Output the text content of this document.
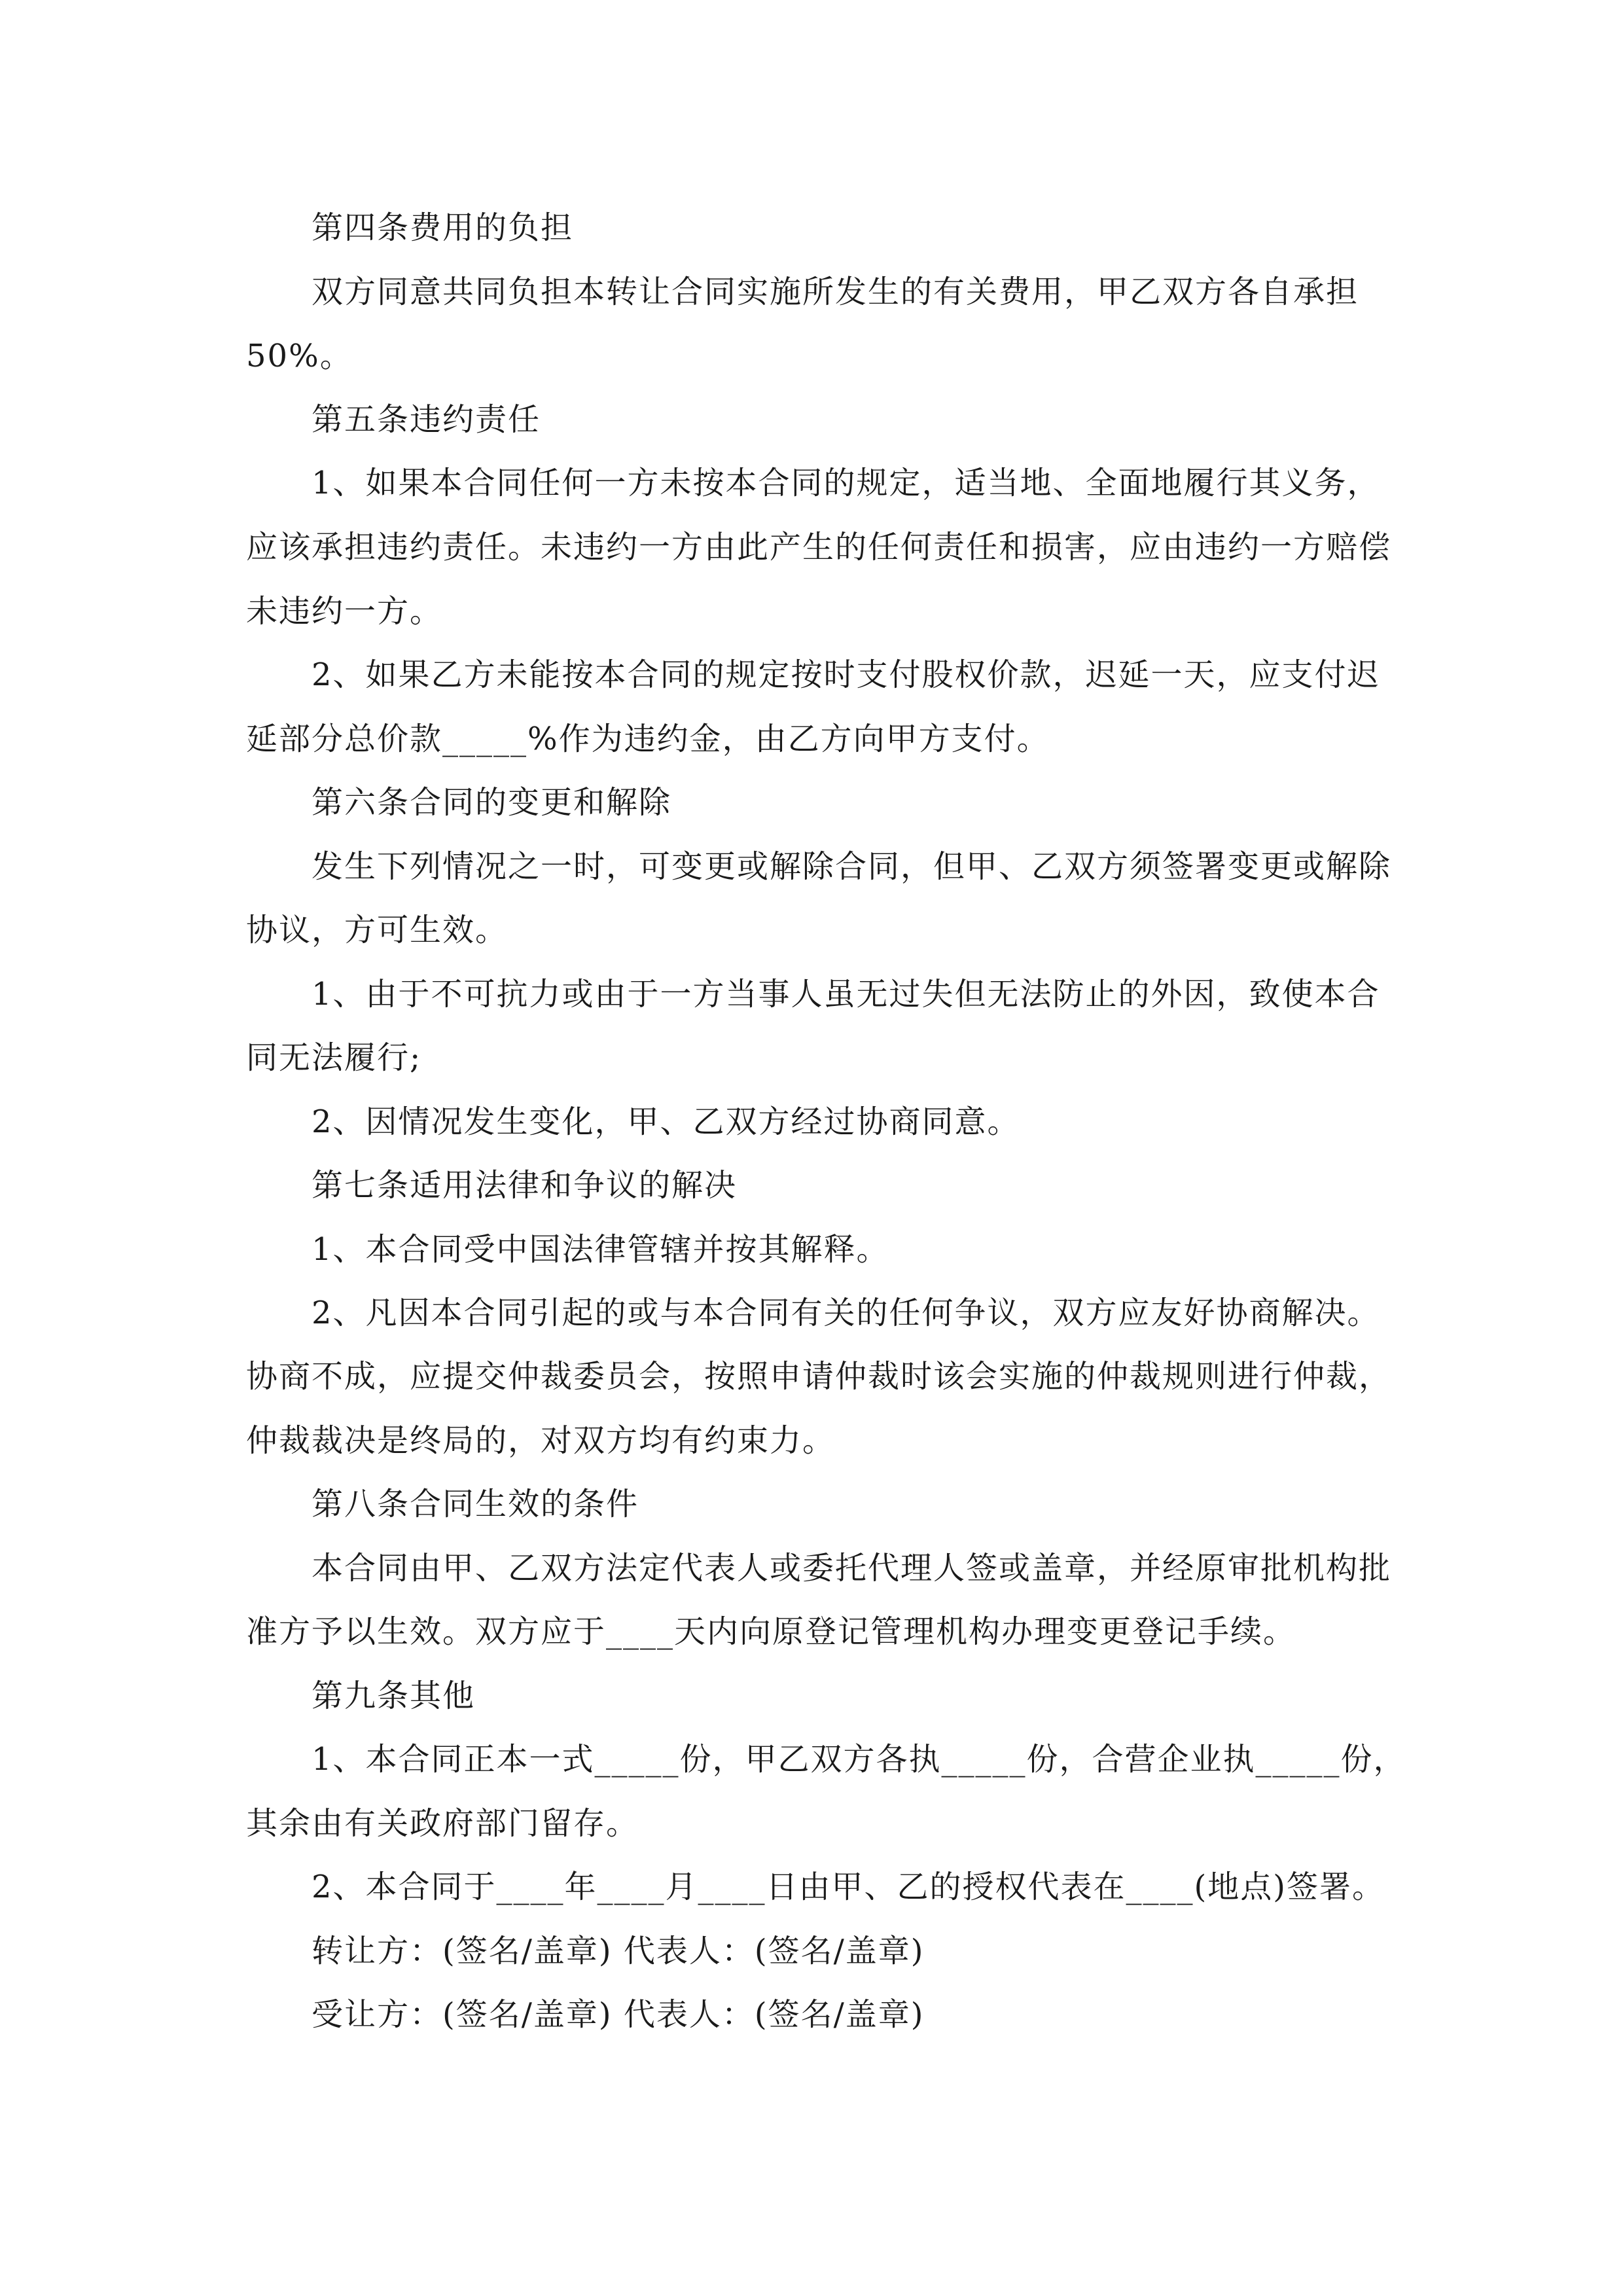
第四条费用的负担
双方同意共同负担本转让合同实施所发生的有关费用，甲乙双方各自承担
50%。
第五条违约责任
1、如果本合同任何一方未按本合同的规定，适当地、全面地履行其义务，
应该承担违约责任。未违约一方由此产生的任何责任和损害，应由违约一方赔偿
未违约一方。
2、如果乙方未能按本合同的规定按时支付股权价款，迟延一天，应支付迟
延部分总价款_____%作为违约金，由乙方向甲方支付。
第六条合同的变更和解除
发生下列情况之一时，可变更或解除合同，但甲、乙双方须签署变更或解除
协议，方可生效。
1、由于不可抗力或由于一方当事人虽无过失但无法防止的外因，致使本合
同无法履行;
2、因情况发生变化，甲、乙双方经过协商同意。
第七条适用法律和争议的解决
1、本合同受中国法律管辖并按其解释。
2、凡因本合同引起的或与本合同有关的任何争议，双方应友好协商解决。
协商不成，应提交仲裁委员会，按照申请仲裁时该会实施的仲裁规则进行仲裁，
仲裁裁决是终局的，对双方均有约束力。
第八条合同生效的条件
本合同由甲、乙双方法定代表人或委托代理人签或盖章，并经原审批机构批
准方予以生效。双方应于____天内向原登记管理机构办理变更登记手续。
第九条其他
1、本合同正本一式_____份，甲乙双方各执_____份，合营企业执_____份，
其余由有关政府部门留存。
2、本合同于____年____月____日由甲、乙的授权代表在____(地点)签署。
转让方：(签名/盖章) 代表人：(签名/盖章)
受让方：(签名/盖章) 代表人：(签名/盖章)
